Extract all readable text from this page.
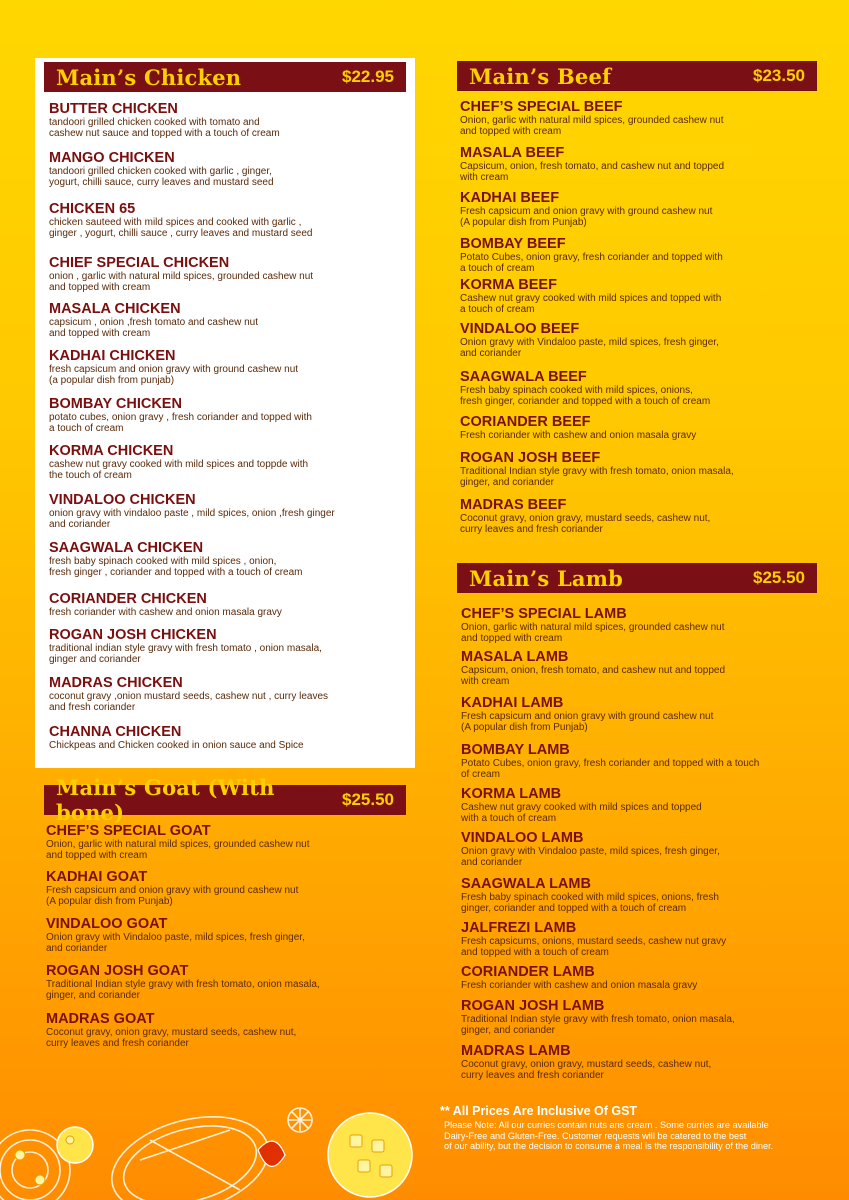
Main’s Chicken	$22.95
BUTTER CHICKEN
tandoori grilled chicken cooked with tomato and
cashew nut sauce and topped with a touch of cream
MANGO CHICKEN
tandoori grilled chicken cooked with garlic , ginger,
yogurt, chilli sauce, curry leaves and mustard seed
CHICKEN 65
chicken sauteed with mild spices and cooked with garlic ,
ginger , yogurt, chilli sauce , curry leaves and mustard seed
CHIEF SPECIAL CHICKEN
onion , garlic with natural mild spices, grounded cashew nut
and topped with cream
MASALA CHICKEN
capsicum , onion ,fresh tomato and cashew nut
and topped with cream
KADHAI CHICKEN
fresh capsicum and onion gravy with ground cashew nut
(a popular dish from punjab)
BOMBAY CHICKEN
potato cubes, onion gravy , fresh coriander and topped with
a touch of cream
KORMA CHICKEN
cashew nut gravy cooked with mild spices and toppde with
the touch of cream
VINDALOO CHICKEN
onion gravy with vindaloo paste , mild spices, onion ,fresh ginger
and coriander
SAAGWALA CHICKEN
fresh baby spinach cooked with mild spices , onion,
fresh ginger , coriander and topped with a touch of cream
CORIANDER CHICKEN
fresh coriander with cashew and onion masala gravy
ROGAN JOSH CHICKEN
traditional indian style gravy with fresh tomato , onion masala,
ginger and coriander
MADRAS CHICKEN
coconut gravy ,onion mustard seeds, cashew nut , curry leaves
and fresh coriander
CHANNA CHICKEN
Chickpeas and Chicken cooked in onion sauce and Spice
Main’s Goat (With bone)
$25.50
CHEF’S SPECIAL GOAT
Onion, garlic with natural mild spices, grounded cashew nut
and topped with cream
KADHAI GOAT
Fresh capsicum and onion gravy with ground cashew nut
(A popular dish from Punjab)
VINDALOO GOAT
Onion gravy with Vindaloo paste, mild spices, fresh ginger,
and coriander
ROGAN JOSH GOAT
Traditional Indian style gravy with fresh tomato, onion masala,
ginger, and coriander
MADRAS GOAT
Coconut gravy, onion gravy, mustard seeds, cashew nut,
curry leaves and fresh coriander
Main’s Beef	$23.50
CHEF’S SPECIAL BEEF
Onion, garlic with natural mild spices, grounded cashew nut
and topped with cream
MASALA BEEF
Capsicum, onion, fresh tomato, and cashew nut and topped
with cream
KADHAI BEEF
Fresh capsicum and onion gravy with ground cashew nut
(A popular dish from Punjab)
BOMBAY BEEF
Potato Cubes, onion gravy, fresh coriander and topped with
a touch of cream
KORMA BEEF
Cashew nut gravy cooked with mild spices and topped with
a touch of cream
VINDALOO BEEF
Onion gravy with Vindaloo paste, mild spices, fresh ginger,
and coriander
SAAGWALA BEEF
Fresh baby spinach cooked with mild spices, onions,
fresh ginger, coriander and topped with a touch of cream
CORIANDER BEEF
Fresh coriander with cashew and onion masala gravy
ROGAN JOSH BEEF
Traditional Indian style gravy with fresh tomato, onion masala,
ginger, and coriander
MADRAS BEEF
Coconut gravy, onion gravy, mustard seeds, cashew nut,
curry leaves and fresh coriander
Main’s Lamb	$25.50
CHEF’S SPECIAL LAMB
Onion, garlic with natural mild spices, grounded cashew nut
and topped with cream
MASALA LAMB
Capsicum, onion, fresh tomato, and cashew nut and topped
with cream
KADHAI LAMB
Fresh capsicum and onion gravy with ground cashew nut
(A popular dish from Punjab)
BOMBAY LAMB
Potato Cubes, onion gravy, fresh coriander and topped with a touch
of cream
KORMA LAMB
Cashew nut gravy cooked with mild spices and topped
with a touch of cream
VINDALOO LAMB
Onion gravy with Vindaloo paste, mild spices, fresh ginger,
and coriander
SAAGWALA LAMB
Fresh baby spinach cooked with mild spices, onions, fresh
ginger, coriander and topped with a touch of cream
JALFREZI LAMB
Fresh capsicums, onions, mustard seeds, cashew nut gravy
and topped with a touch of cream
CORIANDER LAMB
Fresh coriander with cashew and onion masala gravy
ROGAN JOSH LAMB
Traditional Indian style gravy with fresh tomato, onion masala,
ginger, and coriander
MADRAS LAMB
Coconut gravy, onion gravy, mustard seeds, cashew nut,
curry leaves and fresh coriander
** All Prices Are Inclusive Of GST
Please Note: All our curries contain nuts ans cream . Some curries are available
Dairy-Free and Gluten-Free. Customer requests will be catered to the best
of our ability, but the decision to consume a meal is the responsibility of the diner.
